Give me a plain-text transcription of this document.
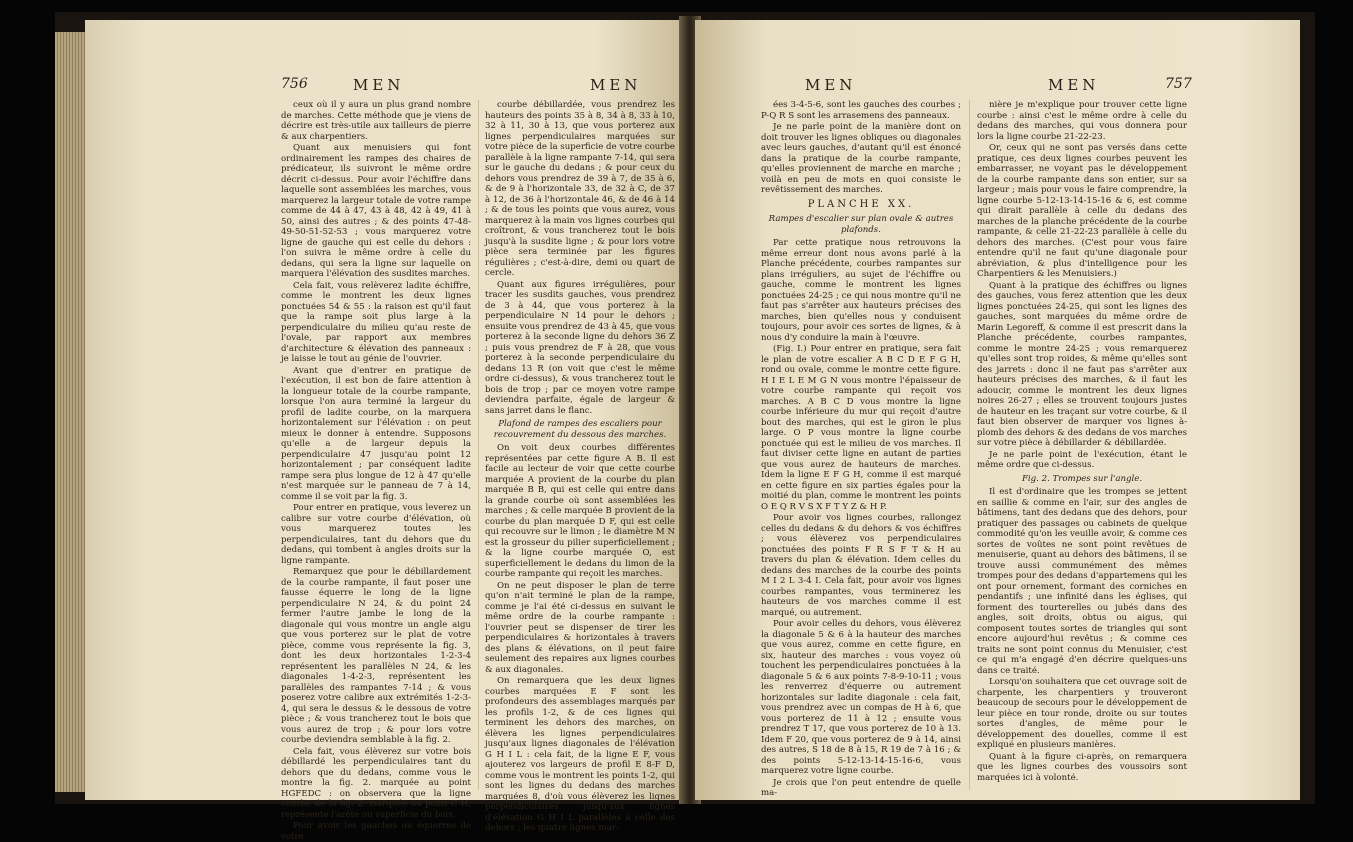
756	MEN	MEN

ceux où il y aura un plus grand nombre de marches. Cette méthode que je viens de décrire est très-utile aux tailleurs de pierre & aux charpentiers.

Quant aux menuisiers qui font ordinairement les rampes des chaires de prédicateur, ils suivront le même ordre décrit ci-dessus. Pour avoir l'échiffre dans laquelle sont assemblées les marches, vous marquerez la largeur totale de votre rampe comme de 44 à 47, 43 à 48, 42 à 49, 41 à 50, ainsi des autres ; & des points 47-48-49-50-51-52-53 ; vous marquerez votre ligne de gauche qui est celle du dehors : l'on suivra le même ordre à celle du dedans, qui sera la ligne sur laquelle on marquera l'élévation des susdites marches.

Cela fait, vous relèverez ladite échiffre, comme le montrent les deux lignes ponctuées 54 & 55 : la raison est qu'il faut que la rampe soit plus large à la perpendiculaire du milieu qu'au reste de l'ovale, par rapport aux membres d'architecture & élévation des panneaux : je laisse le tout au génie de l'ouvrier.

Avant que d'entrer en pratique de l'exécution, il est bon de faire attention à la longueur totale de la courbe rampante, lorsque l'on aura terminé la largeur du profil de ladite courbe, on la marquera horizontalement sur l'élévation : on peut mieux le donner à entendre. Supposons qu'elle a de largeur depuis la perpendiculaire 47 jusqu'au point 12 horizontalement ; par conséquent ladite rampe sera plus longue de 12 à 47 qu'elle n'est marquée sur le panneau de 7 à 14, comme il se voit par la fig. 3.

Pour entrer en pratique, vous leverez un calibre sur votre courbe d'élévation, où vous marquerez toutes les perpendiculaires, tant du dehors que du dedans, qui tombent à angles droits sur la ligne rampante.

Remarquez que pour le débillardement de la courbe rampante, il faut poser une fausse équerre le long de la ligne perpendiculaire N 24, & du point 24 fermer l'autre jambe le long de la diagonale qui vous montre un angle aigu que vous porterez sur le plat de votre pièce, comme vous représente la fig. 3, dont les deux horizontales 1-2-3-4 représentent les parallèles N 24, & les diagonales 1-4-2-3, représentent les parallèles des rampantes 7-14 ; & vous poserez votre calibre aux extrémités 1-2-3-4, qui sera le dessus & le dessous de votre pièce ; & vous trancherez tout le bois que vous aurez de trop ; & pour lors votre courbe deviendra semblable à la fig. 2.

Cela fait, vous élèverez sur votre bois débillardé les perpendiculaires tant du dehors que du dedans, comme vous le montre la fig. 2. marquée au point HGFEDC : on observera que la ligne courbe de la fig. 2. marquée au point C H, représente l'arête ou superficie du bois.

Pour avoir les gauches ou équerres de votre

courbe débillardée, vous prendrez les hauteurs des points 35 à 8, 34 à 8, 33 à 10, 32 à 11, 30 à 13, que vous porterez aux lignes perpendiculaires marquées sur votre pièce de la superficie de votre courbe parallèle à la ligne rampante 7-14, qui sera sur le gauche du dedans ; & pour ceux du dehors vous prendrez de 39 à 7, de 35 à 6, & de 9 à l'horizontale 33, de 32 à C, de 37 à 12, de 36 à l'horizontale 46, & de 46 à 14 ; & de tous les points que vous aurez, vous marquerez à la main vos lignes courbes qui croîtront, & vous trancherez tout le bois jusqu'à la susdite ligne ; & pour lors votre pièce sera terminée par les figures régulières ; c'est-à-dire, demi ou quart de cercle.

Quant aux figures irrégulières, pour tracer les susdits gauches, vous prendrez de 3 à 44, que vous porterez à la perpendiculaire N 14 pour le dehors ; ensuite vous prendrez de 43 à 45, que vous porterez à la seconde ligne du dehors 36 Z ; puis vous prendrez de F à 28, que vous porterez à la seconde perpendiculaire du dedans 13 R (on voit que c'est le même ordre ci-dessus), & vous trancherez tout le bois de trop ; par ce moyen votre rampe deviendra parfaite, égale de largeur & sans jarret dans le flanc.

Plafond de rampes des escaliers pour recouvrement du dessous des marches.

On voit deux courbes différentes représentées par cette figure A B. Il est facile au lecteur de voir que cette courbe marquée A provient de la courbe du plan marquée B B, qui est celle qui entre dans la grande courbe où sont assemblées les marches ; & celle marquée B provient de la courbe du plan marquée D F, qui est celle qui recouvre sur le limon ; le diamètre M N est la grosseur du pilier superficiellement ; & la ligne courbe marquée O, est superficiellement le dedans du limon de la courbe rampante qui reçoit les marches.

On ne peut disposer le plan de terre qu'on n'ait terminé le plan de la rampe, comme je l'ai été ci-dessus en suivant le même ordre de la courbe rampante : l'ouvrier peut se dispenser de tirer les perpendiculaires & horizontales à travers des plans & élévations, on il peut faire seulement des repaires aux lignes courbes & aux diagonales.

On remarquera que les deux lignes courbes marquées E F sont les profondeurs des assemblages marqués par les profils 1-2, & de ces lignes qui terminent les dehors des marches, on élèvera les lignes perpendiculaires jusqu'aux lignes diagonales de l'élévation G H I L : cela fait, de la ligne E F, vous ajouterez vos largeurs de profil E 8-F D, comme vous le montrent les points 1-2, qui sont les lignes du dedans des marches marquées 8, d'où vous élèverez les lignes perpendiculaires jusqu'aux lignes d'élévation G H I L parallèles à celle des dehors ; les quatre lignes mar-

MEN	MEN	757

ées 3-4-5-6, sont les gauches des courbes ; P-Q R S sont les arrasemens des panneaux.

Je ne parle point de la manière dont on doit trouver les lignes obliques ou diagonales avec leurs gauches, d'autant qu'il est énoncé dans la pratique de la courbe rampante, qu'elles proviennent de marche en marche ; voilà en peu de mots en quoi consiste le revêtissement des marches.

PLANCHE XX.

Rampes d'escalier sur plan ovale & autres plafonds.

Par cette pratique nous retrouvons la même erreur dont nous avons parlé à la Planche précédente, courbes rampantes sur plans irréguliers, au sujet de l'échiffre ou gauche, comme le montrent les lignes ponctuées 24-25 ; ce qui nous montre qu'il ne faut pas s'arrêter aux hauteurs précises des marches, bien qu'elles nous y conduisent toujours, pour avoir ces sortes de lignes, & à nous d'y conduire la main à l'œuvre.

(Fig. I.) Pour entrer en pratique, sera fait le plan de votre escalier A B C D E F G H, rond ou ovale, comme le montre cette figure. H I E L E M G N vous montre l'épaisseur de votre courbe rampante qui reçoit vos marches. A B C D vous montre la ligne courbe inférieure du mur qui reçoit d'autre bout des marches, qui est le giron le plus large. O P vous montre la ligne courbe ponctuée qui est le milieu de vos marches. Il faut diviser cette ligne en autant de parties que vous aurez de hauteurs de marches. Idem la ligne E F G H, comme il est marqué en cette figure en six parties égales pour la moitié du plan, comme le montrent les points O E Q R V S X F T Y Z & H P.

Pour avoir vos lignes courbes, rallongez celles du dedans & du dehors & vos échiffres ; vous élèverez vos perpendiculaires ponctuées des points F R S F T & H au travers du plan & élévation. Idem celles du dedans des marches de la courbe des points M I 2 L 3-4 I. Cela fait, pour avoir vos lignes courbes rampantes, vous terminerez les hauteurs de vos marches comme il est marqué, ou autrement.

Pour avoir celles du dehors, vous élèverez la diagonale 5 & 6 à la hauteur des marches que vous aurez, comme en cette figure, en six, hauteur des marches : vous voyez où touchent les perpendiculaires ponctuées à la diagonale 5 & 6 aux points 7-8-9-10-11 ; vous les renverrez d'équerre ou autrement horizontales sur ladite diagonale : cela fait, vous prendrez avec un compas de H à 6, que vous porterez de 11 à 12 ; ensuite vous prendrez T 17, que vous porterez de 10 à 13. Idem F 20, que vous porterez de 9 à 14, ainsi des autres, S 18 de 8 à 15, R 19 de 7 à 16 ; & des points 5-12-13-14-15-16-6, vous marquerez votre ligne courbe.

Je crois que l'on peut entendre de quelle ma-

nière je m'explique pour trouver cette ligne courbe : ainsi c'est le même ordre à celle du dedans des marches, qui vous donnera pour lors la ligne courbe 21-22-23.

Or, ceux qui ne sont pas versés dans cette pratique, ces deux lignes courbes peuvent les embarrasser, ne voyant pas le développement de la courbe rampante dans son entier, sur sa largeur ; mais pour vous le faire comprendre, la ligne courbe 5-12-13-14-15-16 & 6, est comme qui dirait parallèle à celle du dedans des marches de la planche précédente de la courbe rampante, & celle 21-22-23 parallèle à celle du dehors des marches. (C'est pour vous faire entendre qu'il ne faut qu'une diagonale pour abréviation, & plus d'intelligence pour les Charpentiers & les Menuisiers.)

Quant à la pratique des échiffres ou lignes des gauches, vous ferez attention que les deux lignes ponctuées 24-25, qui sont les lignes des gauches, sont marquées du même ordre de Marin Legoreff, & comme il est prescrit dans la Planche précédente, courbes rampantes, comme le montre 24-25 ; vous remarquerez qu'elles sont trop roides, & même qu'elles sont des jarrets : donc il ne faut pas s'arrêter aux hauteurs précises des marches, & il faut les adoucir, comme le montrent les deux lignes noires 26-27 ; elles se trouvent toujours justes de hauteur en les traçant sur votre courbe, & il faut bien observer de marquer vos lignes à-plomb des dehors & des dedans de vos marches sur votre pièce à débillarder & débillardée.

Je ne parle point de l'exécution, étant le même ordre que ci-dessus.

Fig. 2. Trompes sur l'angle.

Il est d'ordinaire que les trompes se jettent en saillie & comme en l'air, sur des angles de bâtimens, tant des dedans que des dehors, pour pratiquer des passages ou cabinets de quelque commodité qu'on les veuille avoir, & comme ces sortes de voûtes ne sont point revêtues de menuiserie, quant au dehors des bâtimens, il se trouve aussi communément des mêmes trompes pour des dedans d'appartemens qui les ont pour ornement, formant des corniches en pendantifs ; une infinité dans les églises, qui forment des tourterelles ou jubés dans des angles, soit droits, obtus ou aigus, qui composent toutes sortes de triangles qui sont encore aujourd'hui revêtus ; & comme ces traits ne sont point connus du Menuisier, c'est ce qui m'a engagé d'en décrire quelques-uns dans ce traité.

Lorsqu'on souhaitera que cet ouvrage soit de charpente, les charpentiers y trouveront beaucoup de secours pour le développement de leur pièce en tour ronde, droite ou sur toutes sortes d'angles, de même pour le développement des douelles, comme il est expliqué en plusieurs manières.

Quant à la figure ci-après, on remarquera que les lignes courbes des voussoirs sont marquées ici à volonté.
